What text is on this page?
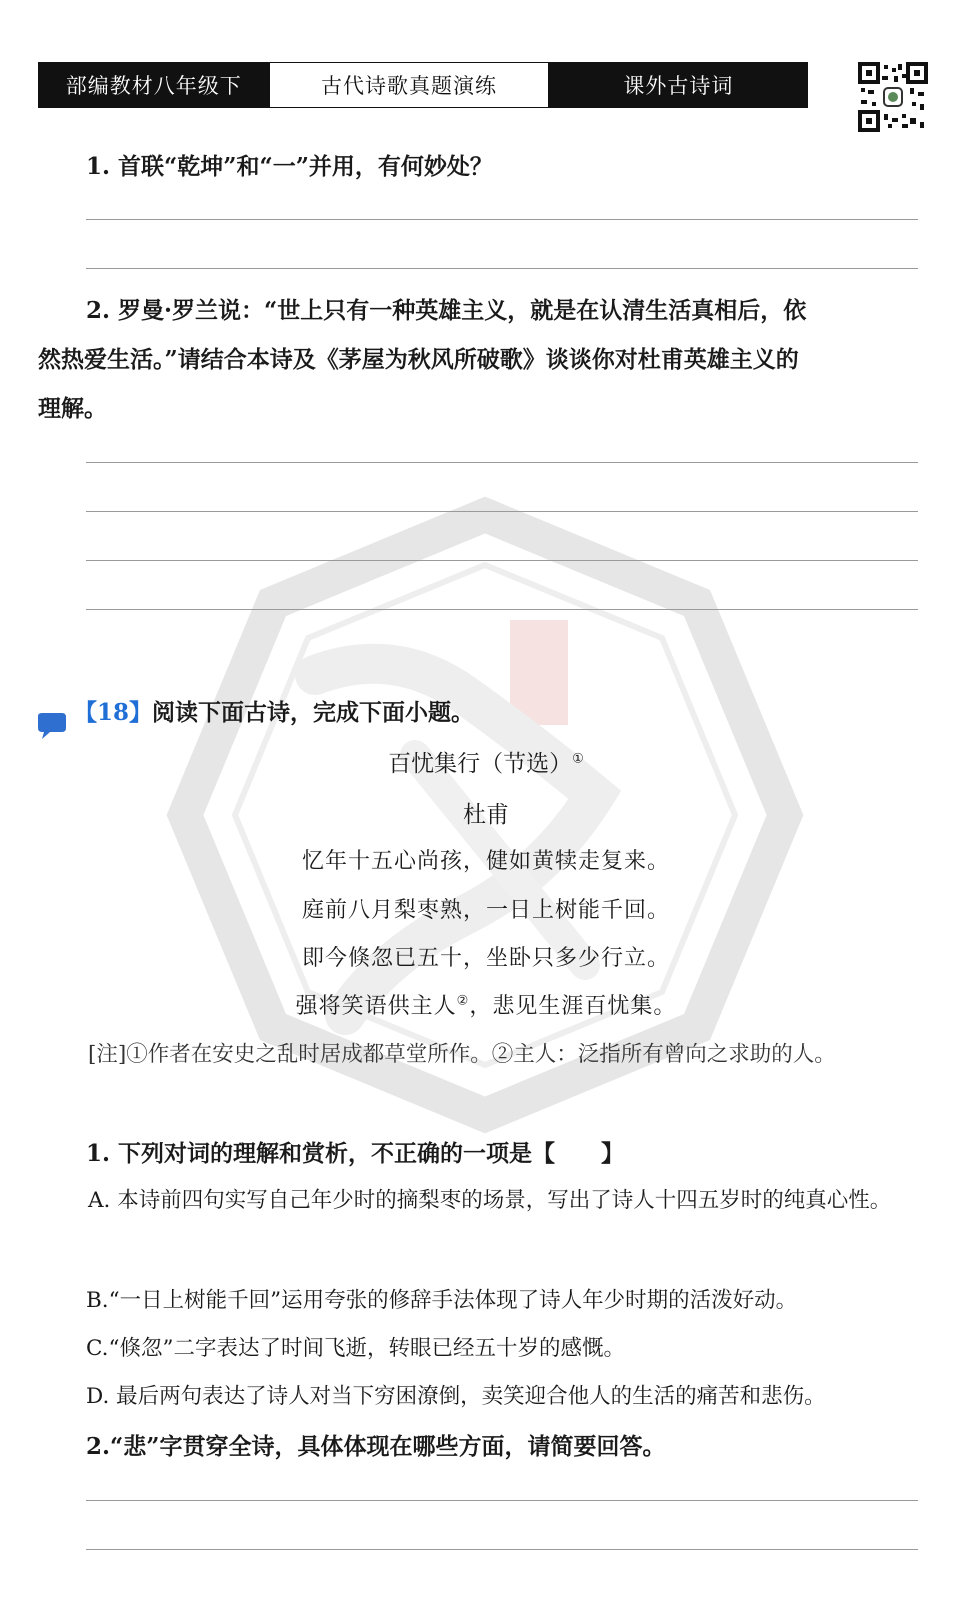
部编教材八年级下	古代诗歌真题演练	课外古诗词
1. 首联“乾坤”和“一”并用，有何妙处？
2. 罗曼·罗兰说：“世上只有一种英雄主义，就是在认清生活真相后，依
然热爱生活。”请结合本诗及《茅屋为秋风所破歌》谈谈你对杜甫英雄主义的
理解。
【18】阅读下面古诗，完成下面小题。
百忧集行（节选）①
杜甫
忆年十五心尚孩，健如黄犊走复来。
庭前八月梨枣熟，一日上树能千回。
即今倏忽已五十，坐卧只多少行立。
强将笑语供主人②，悲见生涯百忧集。
[注]①作者在安史之乱时居成都草堂所作。②主人：泛指所有曾向之求助的人。
1. 下列对词的理解和赏析，不正确的一项是【　　】
A. 本诗前四句实写自己年少时的摘梨枣的场景，写出了诗人十四五岁时的纯真心性。
B.“一日上树能千回”运用夸张的修辞手法体现了诗人年少时期的活泼好动。
C.“倏忽”二字表达了时间飞逝，转眼已经五十岁的感慨。
D. 最后两句表达了诗人对当下穷困潦倒，卖笑迎合他人的生活的痛苦和悲伤。
2.“悲”字贯穿全诗，具体体现在哪些方面，请简要回答。
